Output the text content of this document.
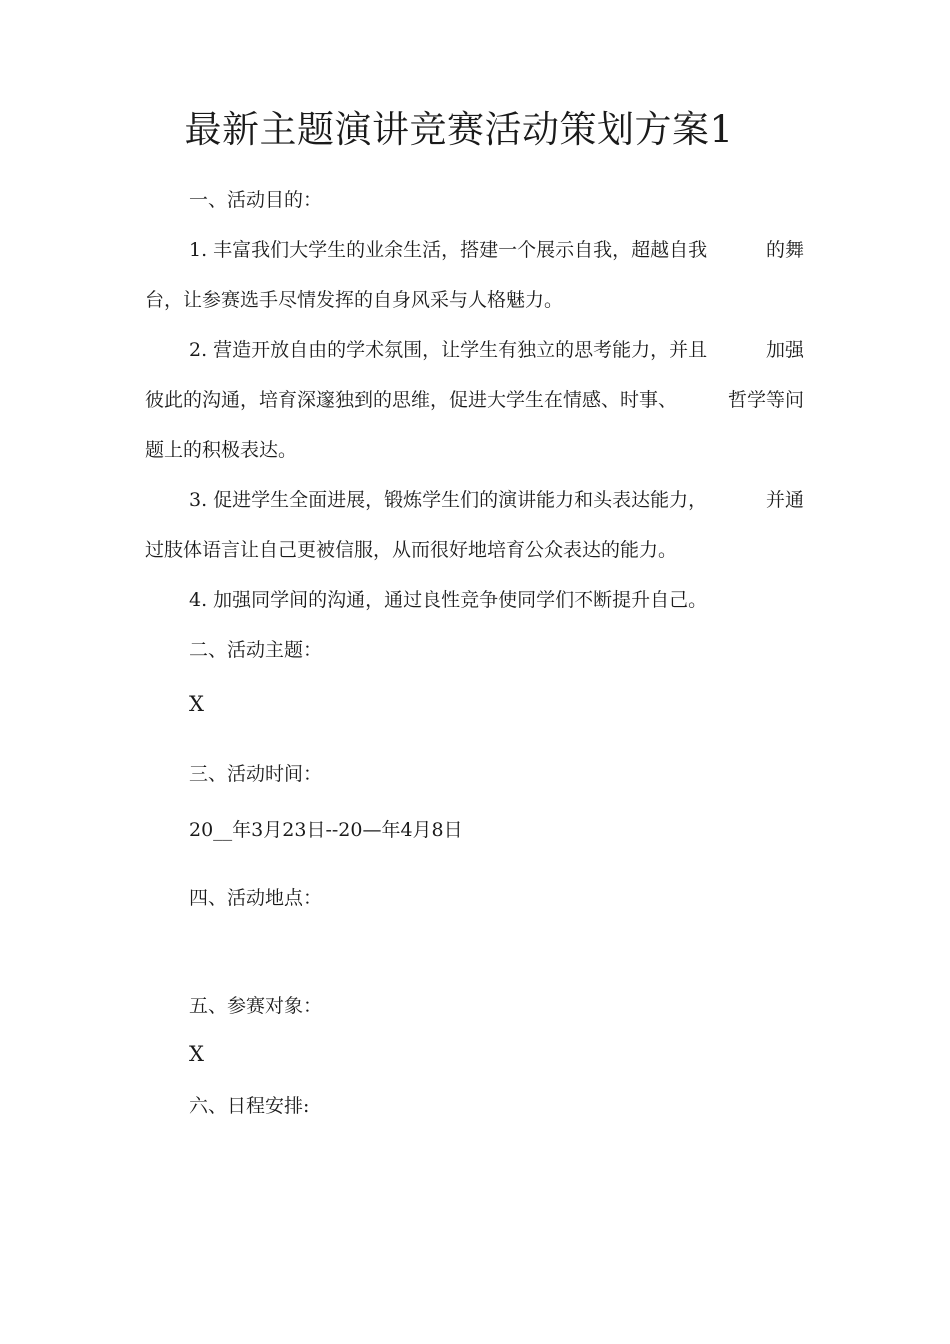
最新主题演讲竞赛活动策划方案1
一、活动目的：
1. 丰富我们大学生的业余生活，搭建一个展示自我，超越自我	的舞
台，让参赛选手尽情发挥的自身风采与人格魅力。
2. 营造开放自由的学术氛围，让学生有独立的思考能力，并且	加强
彼此的沟通，培育深邃独到的思维，促进大学生在情感、时事、	哲学等问
题上的积极表达。
3. 促进学生全面进展，锻炼学生们的演讲能力和头表达能力，	并通
过肢体语言让自己更被信服，从而很好地培育公众表达的能力。
4. 加强同学间的沟通，通过良性竞争使同学们不断提升自己。
二、活动主题：
X
三、活动时间：
20__年3月23日--20—年4月8日
四、活动地点：
五、参赛对象：
X
六、日程安排:
